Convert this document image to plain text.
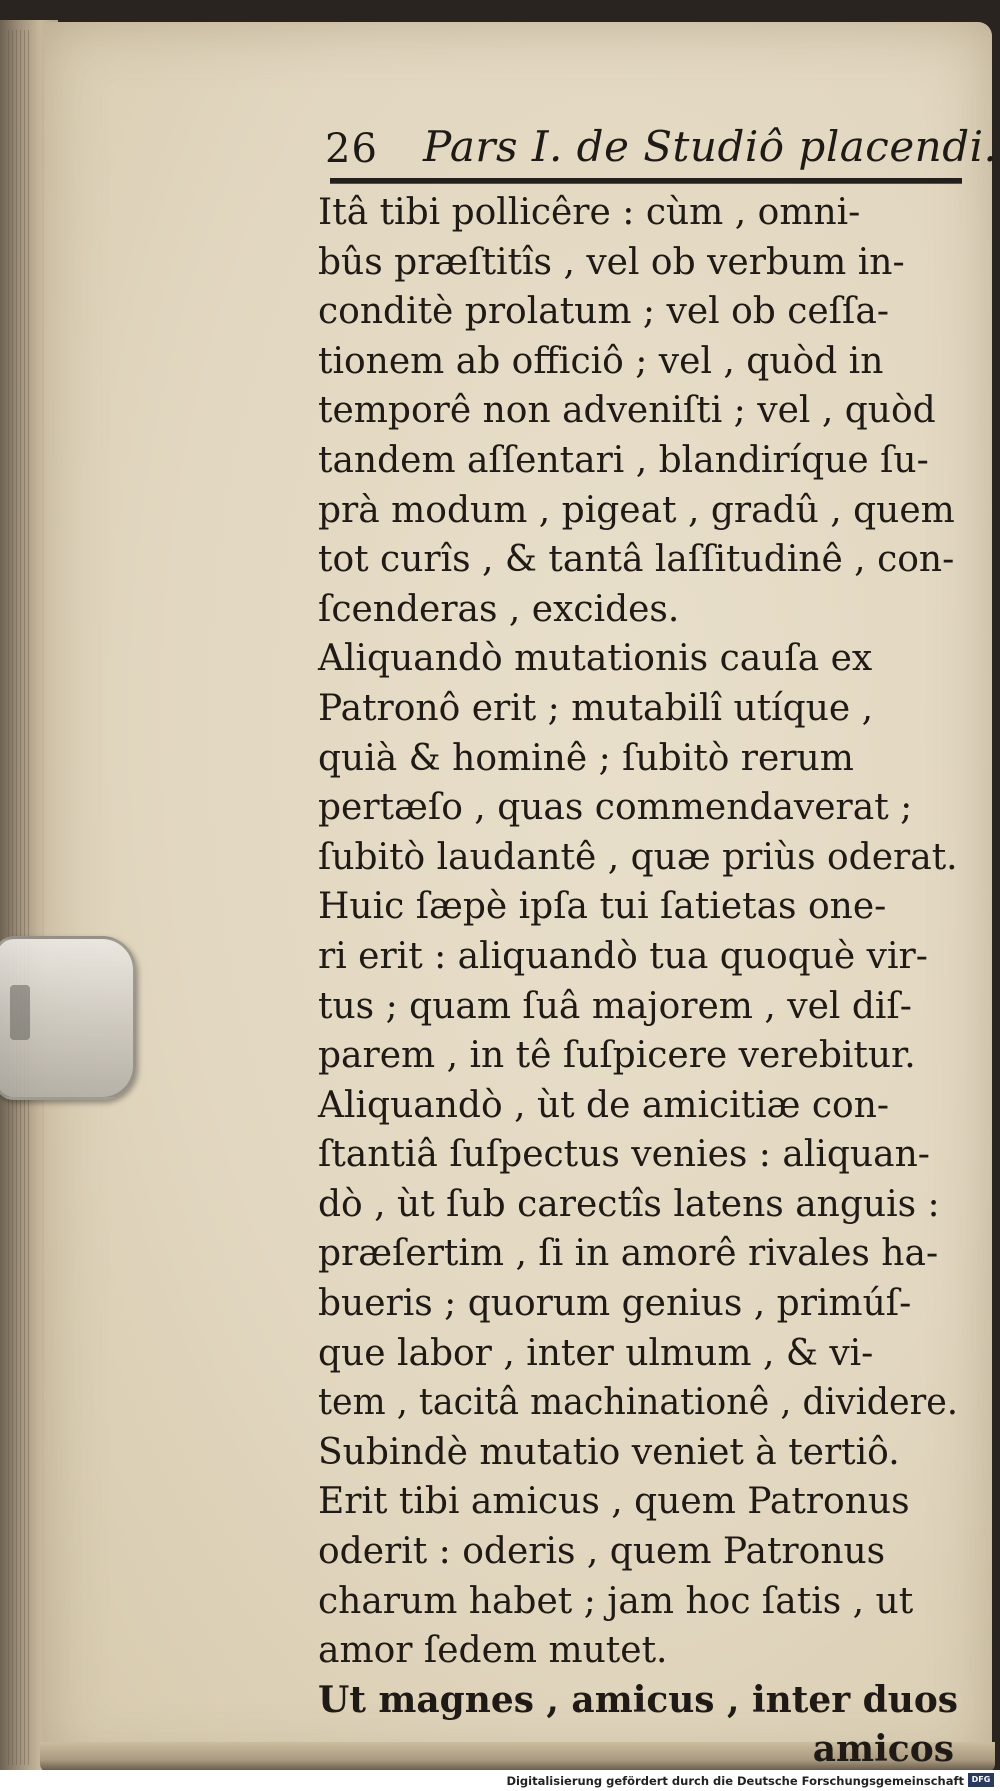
26 Pars I. de Studiô placendi.
Itâ tibi pollicêre : cùm , omni-
bûs præſtitîs , vel ob verbum in-
conditè prolatum ; vel ob ceſſa-
tionem ab officiô ; vel , quòd in
temporê non adveniſti ; vel , quòd
tandem aſſentari , blandiríque ſu-
prà modum , pigeat , gradû , quem
tot curîs , & tantâ laſſitudinê , con-
ſcenderas , excides.
Aliquandò mutationis cauſa ex
Patronô erit ; mutabilî utíque ,
quià & hominê ; ſubitò rerum
pertæſo , quas commendaverat ;
ſubitò laudantê , quæ priùs oderat.
Huic ſæpè ipſa tui ſatietas one-
ri erit : aliquandò tua quoquè vir-
tus ; quam ſuâ majorem , vel diſ-
parem , in tê ſuſpicere verebitur.
Aliquandò , ùt de amicitiæ con-
ſtantiâ ſuſpectus venies : aliquan-
dò , ùt ſub carectîs latens anguis :
præſertim , ſi in amorê rivales ha-
bueris ; quorum genius , primúſ-
que labor , inter ulmum , & vi-
tem , tacitâ machinationê , dividere.
Subindè mutatio veniet à tertiô.
Erit tibi amicus , quem Patronus
oderit : oderis , quem Patronus
charum habet ; jam hoc ſatis , ut
amor ſedem mutet.
Ut magnes , amicus , inter duos
amicos
Digitalisierung gefördert durch die Deutsche Forschungsgemeinschaft DFG
